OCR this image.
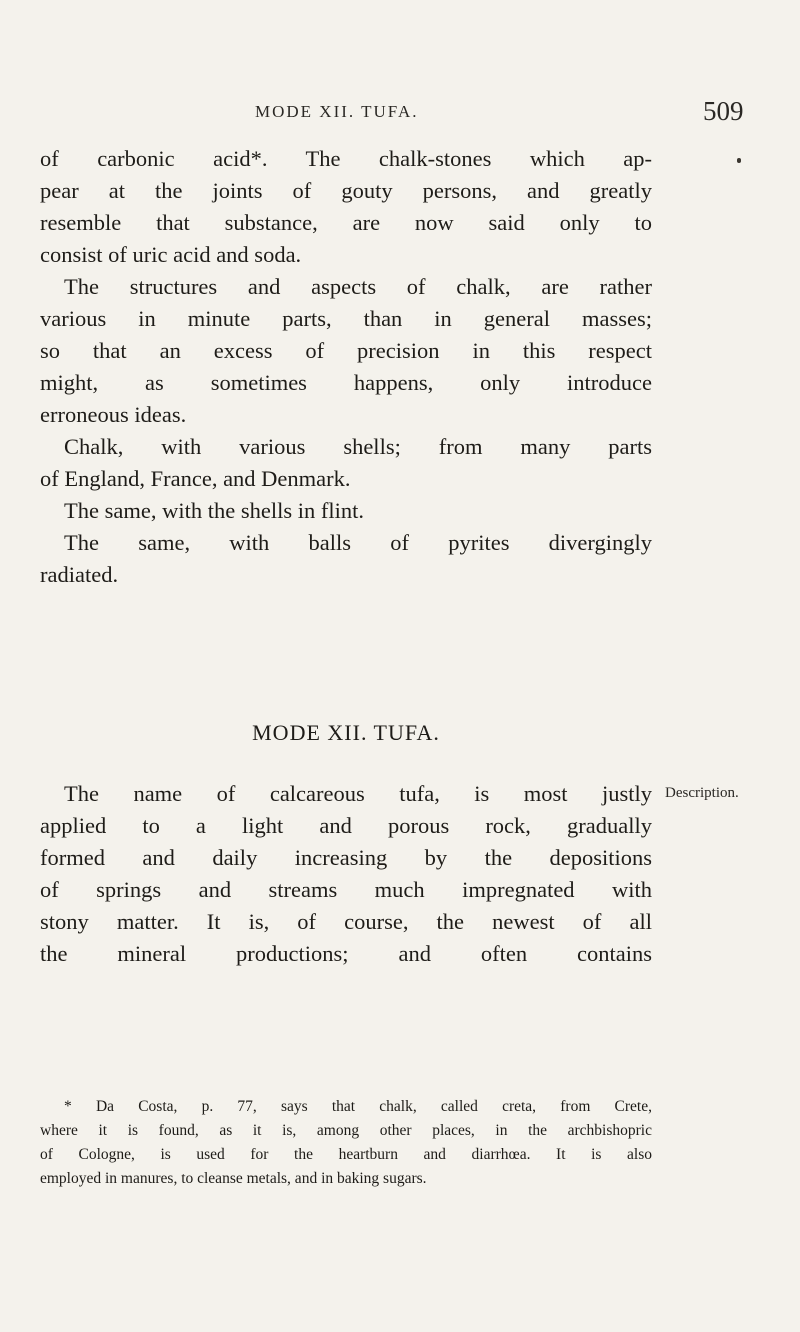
MODE XII. TUFA.	509
of carbonic acid*. The chalk-stones which ap-
pear at the joints of gouty persons, and greatly
resemble that substance, are now said only to
consist of uric acid and soda.
The structures and aspects of chalk, are rather
various in minute parts, than in general masses;
so that an excess of precision in this respect
might, as sometimes happens, only introduce
erroneous ideas.
Chalk, with various shells; from many parts
of England, France, and Denmark.
The same, with the shells in flint.
The same, with balls of pyrites divergingly
radiated.
MODE XII. TUFA.
Description.
The name of calcareous tufa, is most justly
applied to a light and porous rock, gradually
formed and daily increasing by the depositions
of springs and streams much impregnated with
stony matter. It is, of course, the newest of all
the mineral productions; and often contains
* Da Costa, p. 77, says that chalk, called creta, from Crete,
where it is found, as it is, among other places, in the archbishopric
of Cologne, is used for the heartburn and diarrhœa. It is also
employed in manures, to cleanse metals, and in baking sugars.
